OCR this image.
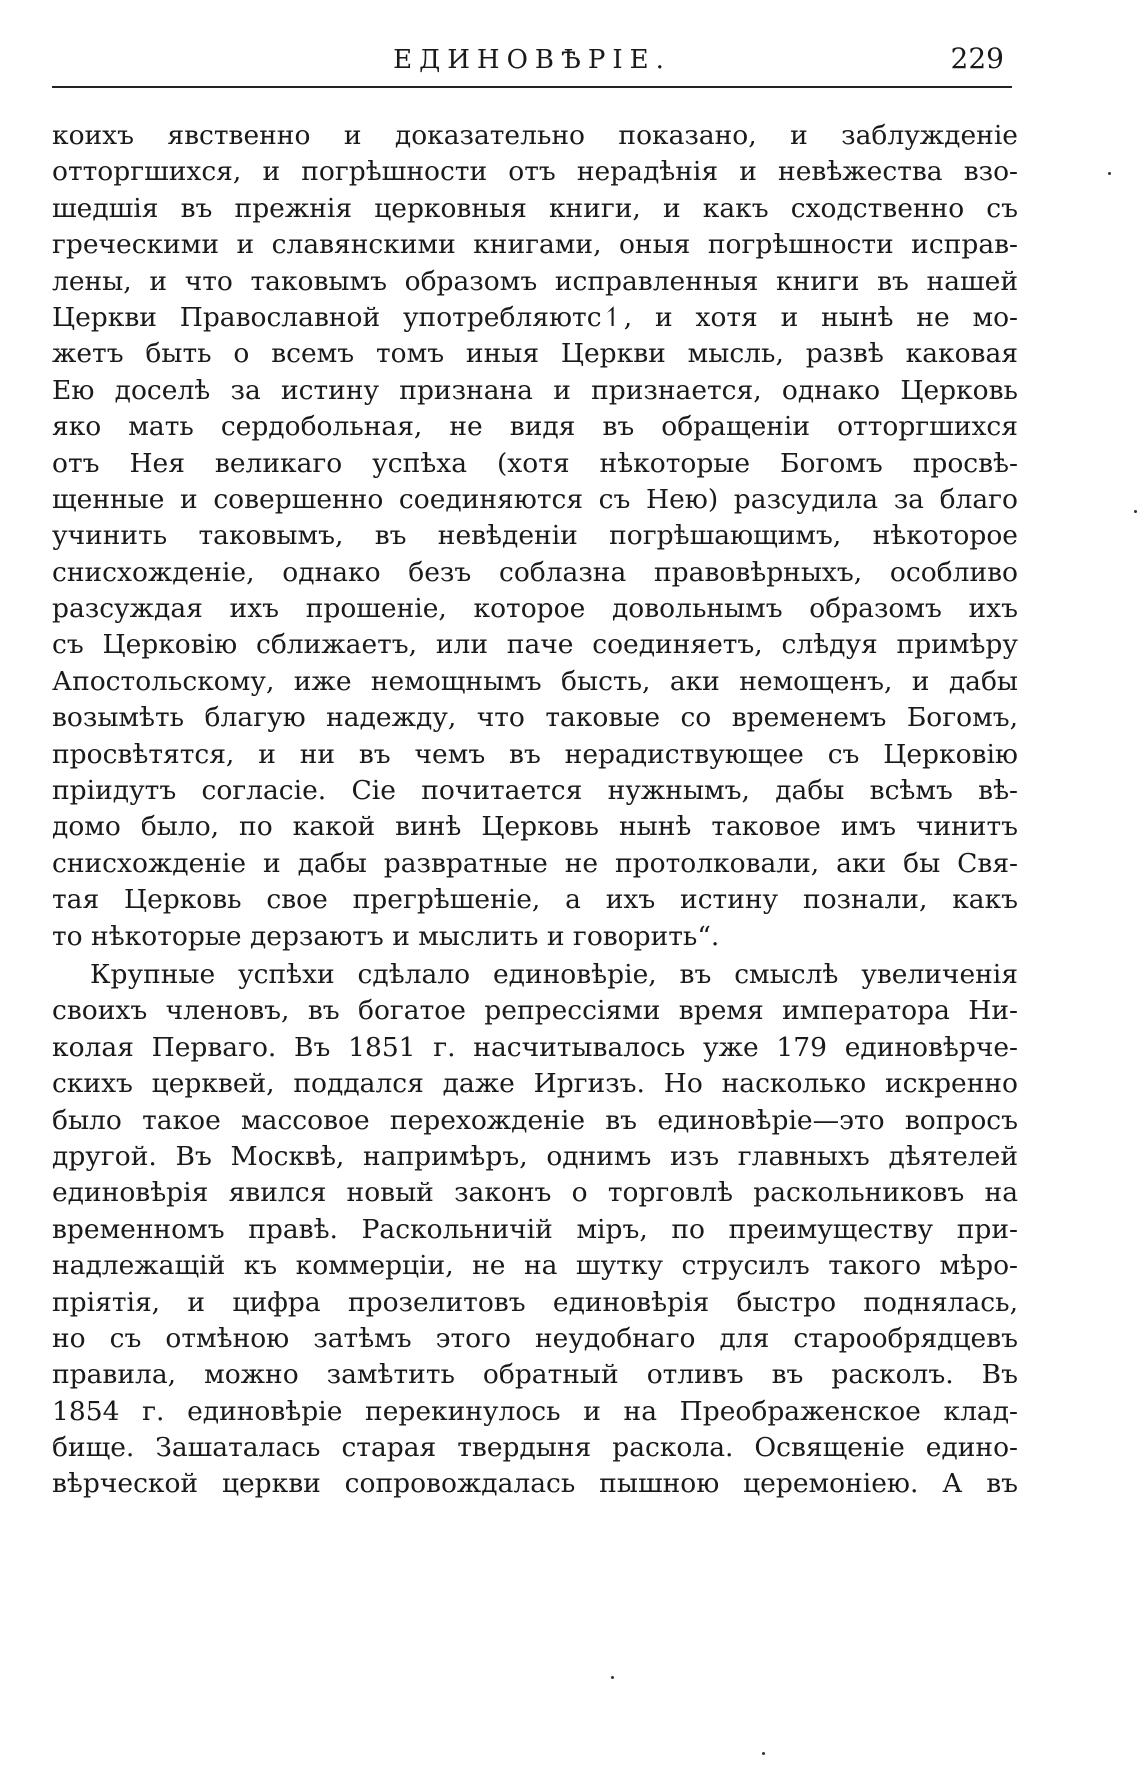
ЕДИНОВѢРІЕ.	229
коихъ явственно и доказательно показано, и заблужденіе
отторгшихся, и погрѣшности отъ нерадѣнія и невѣжества взо-
шедшія въ прежнія церковныя книги, и какъ сходственно съ
греческими и славянскими книгами, оныя погрѣшности исправ-
лены, и что таковымъ образомъ исправленныя книги въ нашей
Церкви Православной употребляютс↿, и хотя и нынѣ не мо-
жетъ быть о всемъ томъ иныя Церкви мысль, развѣ каковая
Ею доселѣ за истину признана и признается, однако Церковь
яко мать сердобольная, не видя въ обращеніи отторгшихся
отъ Нея великаго успѣха (хотя нѣкоторые Богомъ просвѣ-
щенные и совершенно соединяются съ Нею) разсудила за благо
учинить таковымъ, въ невѣденіи погрѣшающимъ, нѣкоторое
снисхожденіе, однако безъ соблазна правовѣрныхъ, особливо
разсуждая ихъ прошеніе, которое довольнымъ образомъ ихъ
съ Церковію сближаетъ, или паче соединяетъ, слѣдуя примѣру
Апостольскому, иже немощнымъ бысть, аки немощенъ, и дабы
возымѣть благую надежду, что таковые со временемъ Богомъ,
просвѣтятся, и ни въ чемъ въ нерадиствующее съ Церковію
пріидутъ согласіе. Сіе почитается нужнымъ, дабы всѣмъ вѣ-
домо было, по какой винѣ Церковь нынѣ таковое имъ чинитъ
снисхожденіе и дабы развратные не протолковали, аки бы Свя-
тая Церковь свое прегрѣшеніе, а ихъ истину познали, какъ
то нѣкоторые дерзаютъ и мыслить и говорить“.
Крупные успѣхи сдѣлало единовѣріе, въ смыслѣ увеличенія
своихъ членовъ, въ богатое репрессіями время императора Ни-
колая Перваго. Въ 1851 г. насчитывалось уже 179 единовѣрче-
скихъ церквей, поддался даже Иргизъ. Но насколько искренно
было такое массовое перехожденіе въ единовѣріе—это вопросъ
другой. Въ Москвѣ, напримѣръ, однимъ изъ главныхъ дѣятелей
единовѣрія явился новый законъ о торговлѣ раскольниковъ на
временномъ правѣ. Раскольничій міръ, по преимуществу при-
надлежащій къ коммерціи, не на шутку струсилъ такого мѣро-
пріятія, и цифра прозелитовъ единовѣрія быстро поднялась,
но съ отмѣною затѣмъ этого неудобнаго для старообрядцевъ
правила, можно замѣтить обратный отливъ въ расколъ. Въ
1854 г. единовѣріе перекинулось и на Преображенское клад-
бище. Зашаталась старая твердыня раскола. Освященіе едино-
вѣрческой церкви сопровождалась пышною церемоніею. А въ
